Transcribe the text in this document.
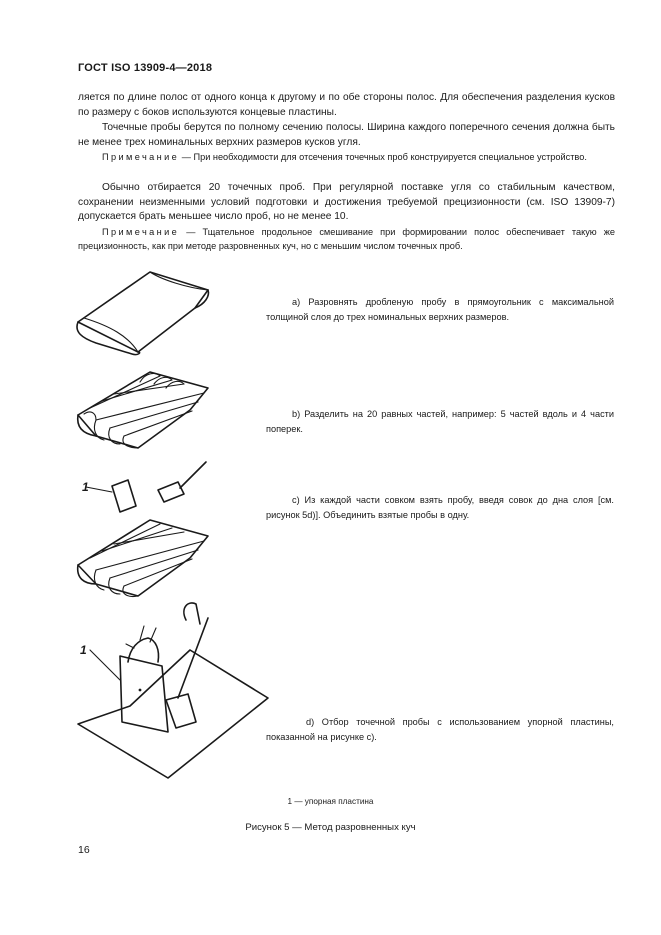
ГОСТ ISO 13909-4—2018
ляется по длине полос от одного конца к другому и по обе стороны полос. Для обеспечения разделения кусков по размеру с боков используются концевые пластины.
Точечные пробы берутся по полному сечению полосы. Ширина каждого поперечного сечения должна быть не менее трех номинальных верхних размеров кусков угля.
Примечание — При необходимости для отсечения точечных проб конструируется специальное устройство.
Обычно отбирается 20 точечных проб. При регулярной поставке угля со стабильным качеством, сохранении неизменными условий подготовки и достижения требуемой прецизионности (см. ISO 13909-7) допускается брать меньшее число проб, но не менее 10.
Примечание — Тщательное продольное смешивание при формировании полос обеспечивает такую же прецизионность, как при методе разровненных куч, но с меньшим числом точечных проб.
1
1
а) Разровнять дробленую пробу в прямоугольник с максимальной толщиной слоя до трех номинальных верхних размеров.
b) Разделить на 20 равных частей, например: 5 частей вдоль и 4 части поперек.
с) Из каждой части совком взять пробу, введя совок до дна слоя [см. рисунок 5d)]. Объединить взятые пробы в одну.
d) Отбор точечной пробы с использованием упорной пластины, показанной на рисунке с).
1 — упорная пластина
Рисунок 5 — Метод разровненных куч
16
